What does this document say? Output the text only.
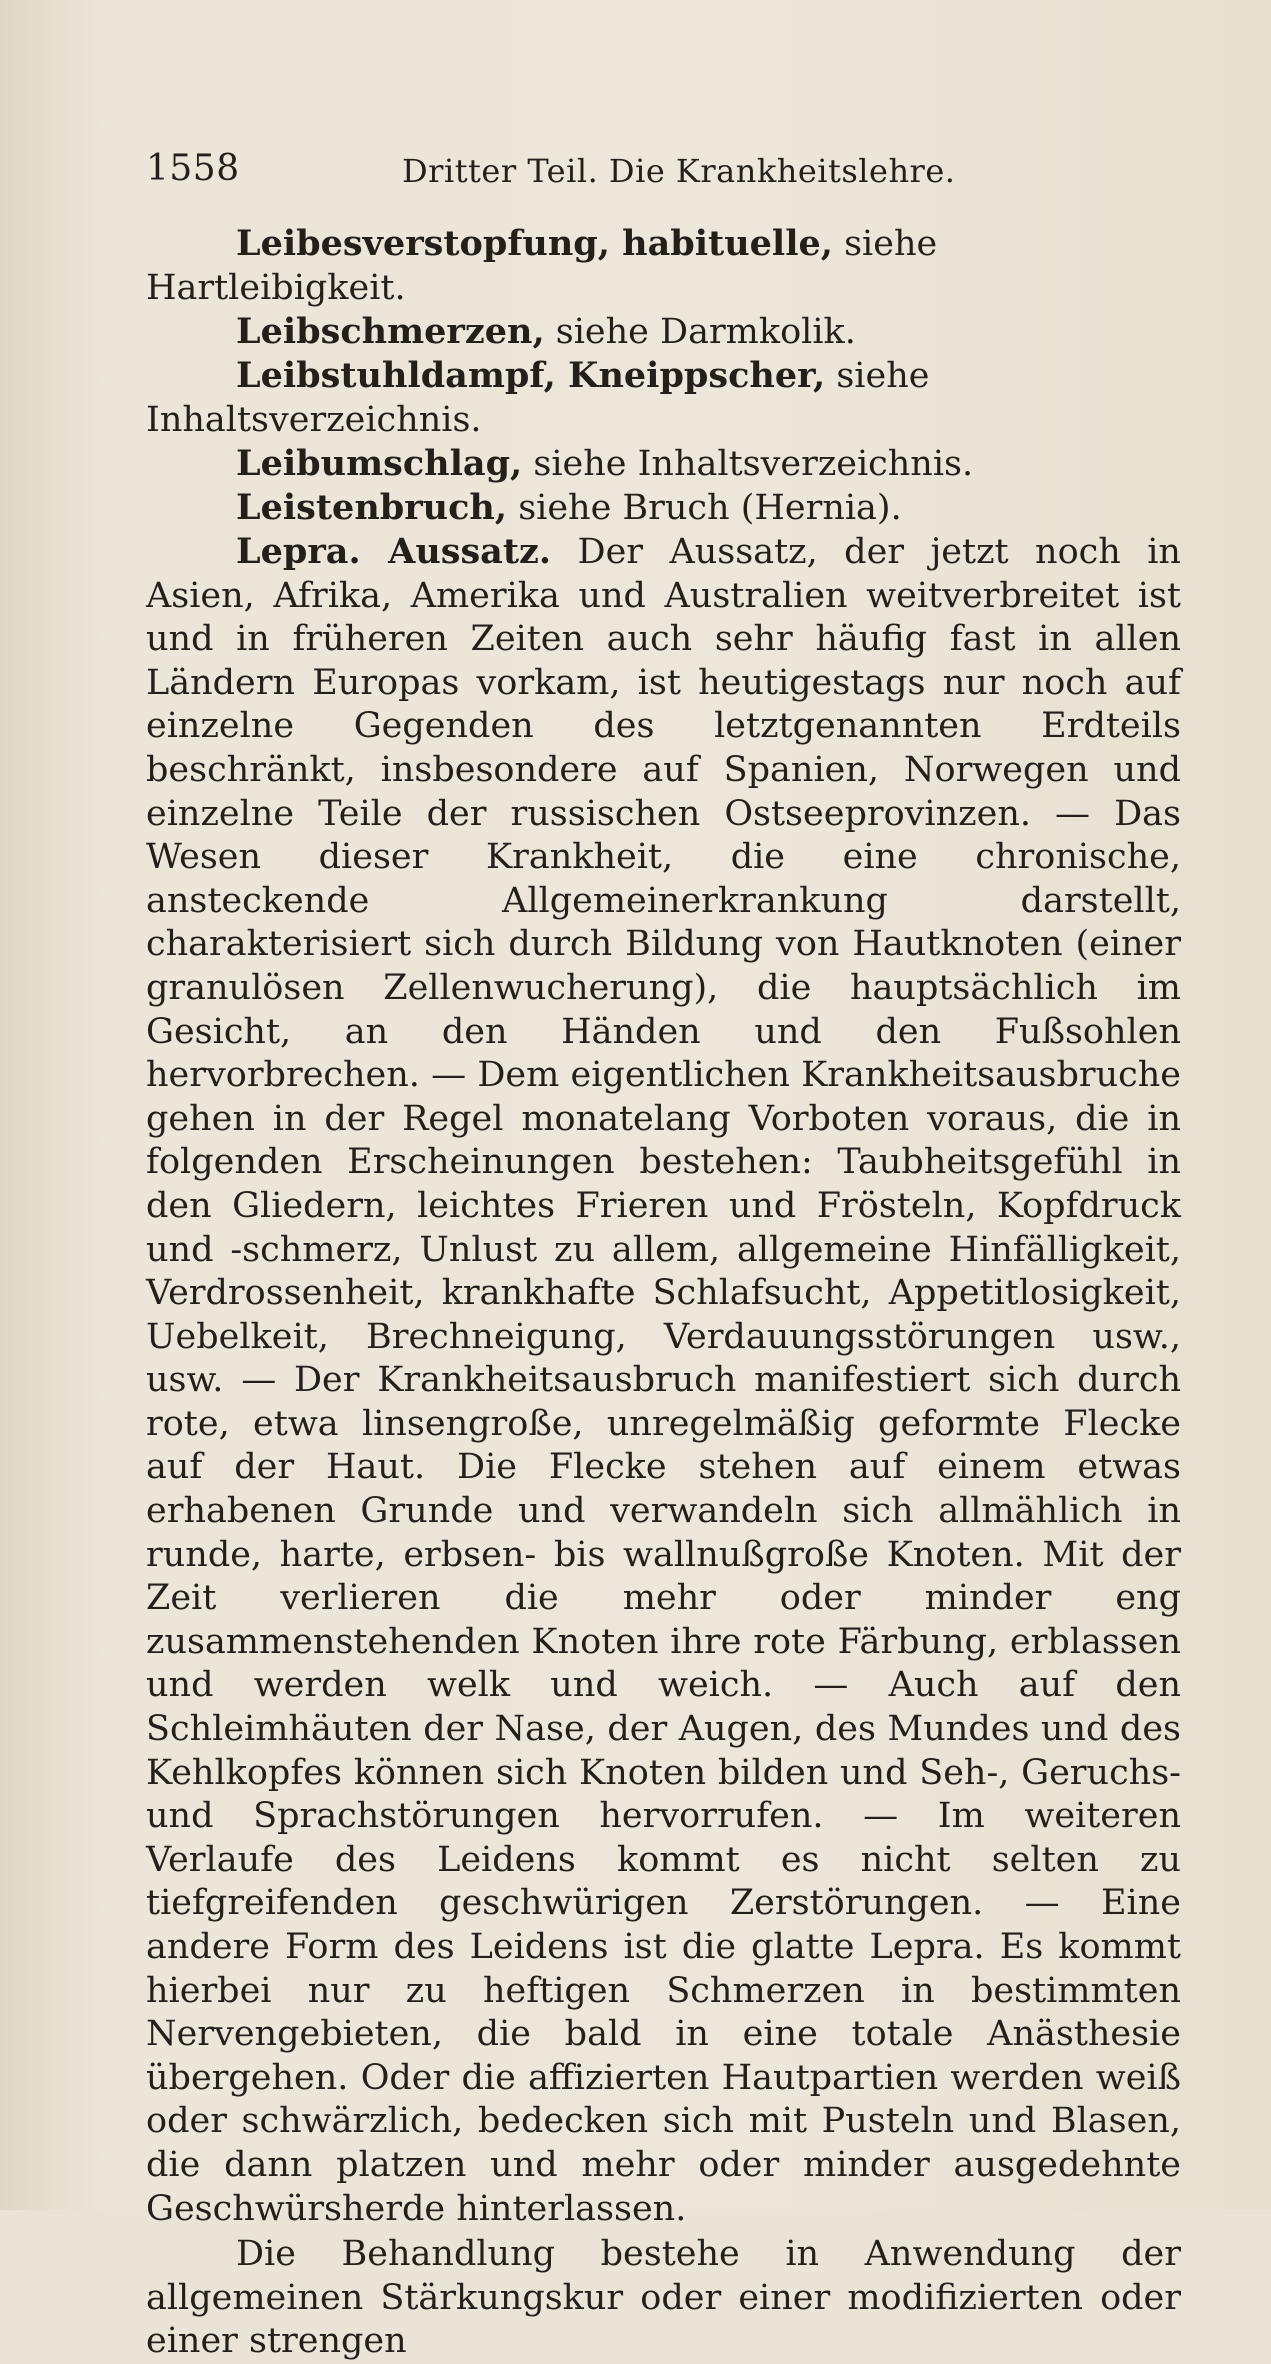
1558	Dritter Teil. Die Krankheitslehre.
Leibesverstopfung, habituelle, siehe Hartleibigkeit.
Leibschmerzen, siehe Darmkolik.
Leibstuhldampf, Kneippscher, siehe Inhaltsverzeichnis.
Leibumschlag, siehe Inhaltsverzeichnis.
Leistenbruch, siehe Bruch (Hernia).

Lepra. Aussatz. Der Aussatz, der jetzt noch in Asien, Afrika, Amerika und Australien weitverbreitet ist und in früheren Zeiten auch sehr häufig fast in allen Ländern Europas vorkam, ist heutigestags nur noch auf einzelne Gegenden des letztgenannten Erdteils beschränkt, insbesondere auf Spanien, Norwegen und einzelne Teile der russischen Ostseeprovinzen. — Das Wesen dieser Krankheit, die eine chronische, ansteckende Allgemeinerkrankung darstellt, charakterisiert sich durch Bildung von Hautknoten (einer granulösen Zellenwucherung), die hauptsächlich im Gesicht, an den Händen und den Fußsohlen hervorbrechen. — Dem eigentlichen Krankheitsausbruche gehen in der Regel monatelang Vorboten voraus, die in folgenden Erscheinungen bestehen: Taubheitsgefühl in den Gliedern, leichtes Frieren und Frösteln, Kopfdruck und -schmerz, Unlust zu allem, allgemeine Hinfälligkeit, Verdrossenheit, krankhafte Schlafsucht, Appetitlosigkeit, Uebelkeit, Brechneigung, Verdauungsstörungen usw., usw. — Der Krankheitsausbruch manifestiert sich durch rote, etwa linsengroße, unregelmäßig geformte Flecke auf der Haut. Die Flecke stehen auf einem etwas erhabenen Grunde und verwandeln sich allmählich in runde, harte, erbsen- bis wallnußgroße Knoten. Mit der Zeit verlieren die mehr oder minder eng zusammenstehenden Knoten ihre rote Färbung, erblassen und werden welk und weich. — Auch auf den Schleimhäuten der Nase, der Augen, des Mundes und des Kehlkopfes können sich Knoten bilden und Seh-, Geruchs- und Sprachstörungen hervorrufen. — Im weiteren Verlaufe des Leidens kommt es nicht selten zu tiefgreifenden geschwürigen Zerstörungen. — Eine andere Form des Leidens ist die glatte Lepra. Es kommt hierbei nur zu heftigen Schmerzen in bestimmten Nervengebieten, die bald in eine totale Anästhesie übergehen. Oder die affizierten Hautpartien werden weiß oder schwärzlich, bedecken sich mit Pusteln und Blasen, die dann platzen und mehr oder minder ausgedehnte Geschwürsherde hinterlassen.

Die Behandlung bestehe in Anwendung der allgemeinen Stärkungskur oder einer modifizierten oder einer strengen
